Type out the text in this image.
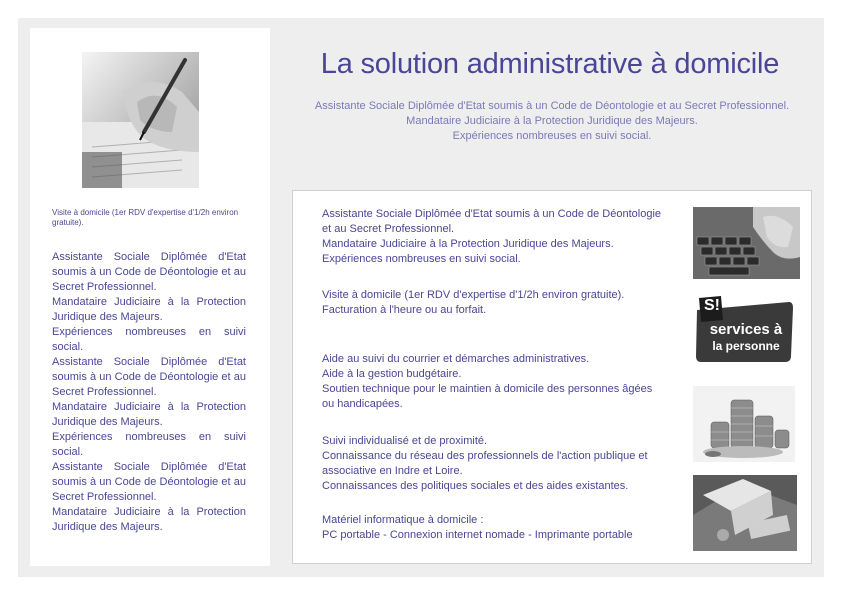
Visite à domicile (1er RDV d'expertise d'1/2h environ gratuite).

Assistante Sociale Diplômée d'Etat soumis à un Code de Déontologie et au Secret Professionnel.

Mandataire Judiciaire à la Protection Juridique des Majeurs.

Expériences nombreuses en suivi social.

Assistante Sociale Diplômée d'Etat soumis à un Code de Déontologie et au Secret Professionnel.

Mandataire Judiciaire à la Protection Juridique des Majeurs.

Expériences nombreuses en suivi social.

Assistante Sociale Diplômée d'Etat soumis à un Code de Déontologie et au Secret Professionnel.

Mandataire Judiciaire à la Protection Juridique des Majeurs.

La solution administrative à domicile
Assistante Sociale Diplômée d'Etat soumis à un Code de Déontologie et au Secret Professionnel.
Mandataire Judiciaire à la Protection Juridique des Majeurs.
Expériences nombreuses en suivi social.
Assistante Sociale Diplômée d'Etat soumis à un Code de Déontologie et au Secret Professionnel.
Mandataire Judiciaire à la Protection Juridique des Majeurs.
Expériences nombreuses en suivi social.
Visite à domicile (1er RDV d'expertise d'1/2h environ gratuite).
Facturation à l'heure ou au forfait.
Aide au suivi du courrier et démarches administratives.
Aide à la gestion budgétaire.
Soutien technique pour le maintien à domicile des personnes âgées ou handicapées.
Suivi individualisé et de proximité.
Connaissance du réseau des professionnels de l'action publique et associative en Indre et Loire.
Connaissances des politiques sociales et des aides existantes.
Matériel informatique à domicile :
PC portable - Connexion internet nomade - Imprimante portable
S!
services à
la personne
